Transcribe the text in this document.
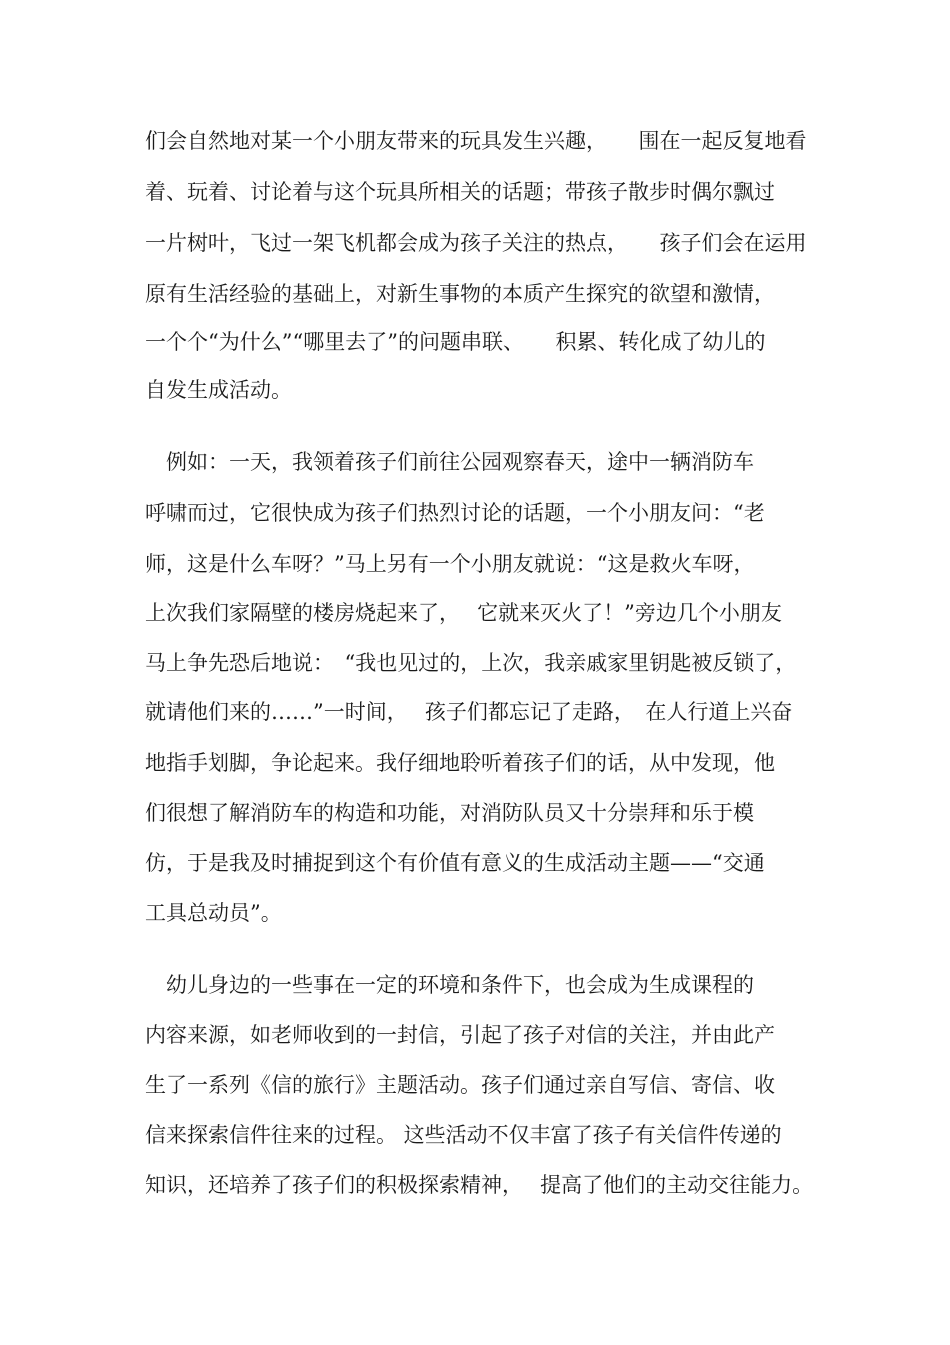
们会自然地对某一个小朋友带来的玩具发生兴趣，　　围在一起反复地看
着、玩着、讨论着与这个玩具所相关的话题；带孩子散步时偶尔飘过
一片树叶，飞过一架飞机都会成为孩子关注的热点，　　孩子们会在运用
原有生活经验的基础上，对新生事物的本质产生探究的欲望和激情，
一个个“为什么”“哪里去了”的问题串联、　　积累、转化成了幼儿的
自发生成活动。
　例如：一天，我领着孩子们前往公园观察春天，途中一辆消防车
呼啸而过，它很快成为孩子们热烈讨论的话题，一个小朋友问：“老
师，这是什么车呀？”马上另有一个小朋友就说：“这是救火车呀，
上次我们家隔壁的楼房烧起来了，　 它就来灭火了！”旁边几个小朋友
马上争先恐后地说：　“我也见过的，上次，我亲戚家里钥匙被反锁了，
就请他们来的……”一时间，　 孩子们都忘记了走路，　在人行道上兴奋
地指手划脚，争论起来。我仔细地聆听着孩子们的话，从中发现，他
们很想了解消防车的构造和功能，对消防队员又十分崇拜和乐于模
仿，于是我及时捕捉到这个有价值有意义的生成活动主题——“交通
工具总动员”。
　幼儿身边的一些事在一定的环境和条件下，也会成为生成课程的
内容来源，如老师收到的一封信，引起了孩子对信的关注，并由此产
生了一系列《信的旅行》主题活动。孩子们通过亲自写信、寄信、收
信来探索信件往来的过程。 这些活动不仅丰富了孩子有关信件传递的
知识，还培养了孩子们的积极探索精神，　 提高了他们的主动交往能力。
